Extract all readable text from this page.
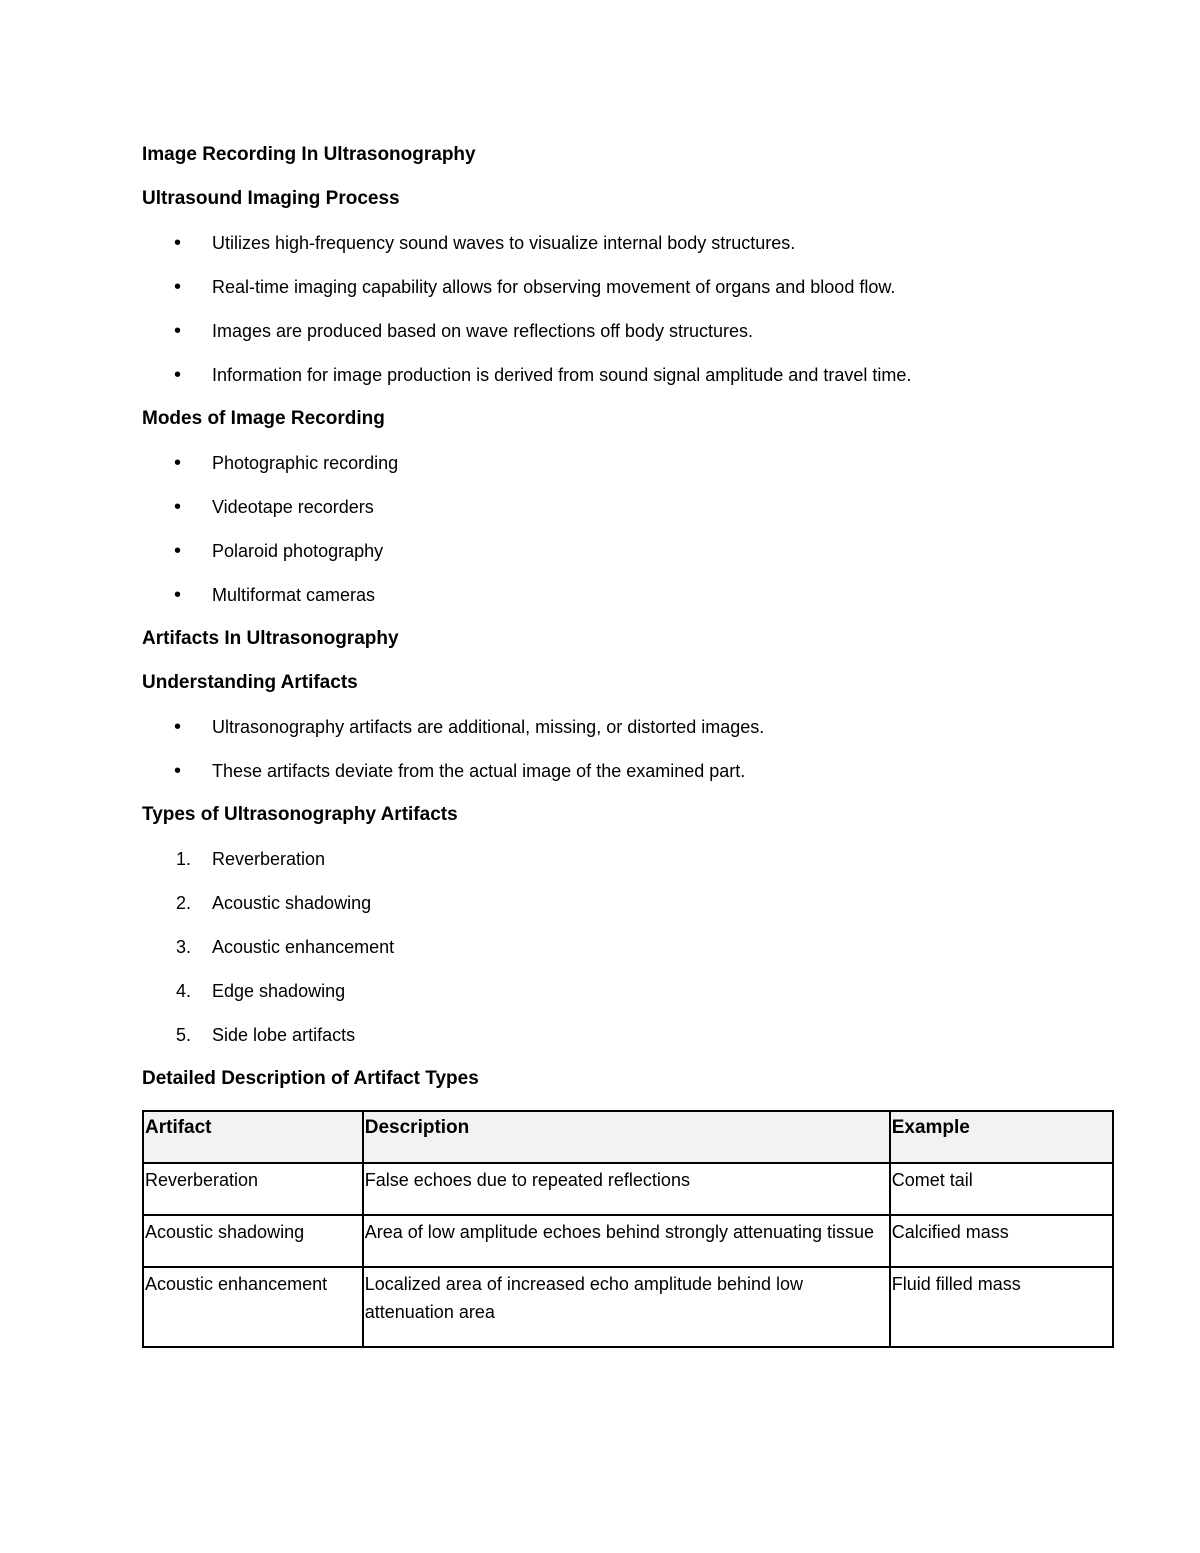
Image Recording In Ultrasonography
Ultrasound Imaging Process
• Utilizes high-frequency sound waves to visualize internal body structures.
• Real-time imaging capability allows for observing movement of organs and blood flow.
• Images are produced based on wave reflections off body structures.
• Information for image production is derived from sound signal amplitude and travel time.
Modes of Image Recording
• Photographic recording
• Videotape recorders
• Polaroid photography
• Multiformat cameras
Artifacts In Ultrasonography
Understanding Artifacts
• Ultrasonography artifacts are additional, missing, or distorted images.
• These artifacts deviate from the actual image of the examined part.
Types of Ultrasonography Artifacts
1. Reverberation
2. Acoustic shadowing
3. Acoustic enhancement
4. Edge shadowing
5. Side lobe artifacts
Detailed Description of Artifact Types
Artifact	Description	Example
Reverberation	False echoes due to repeated reflections	Comet tail
Acoustic shadowing	Area of low amplitude echoes behind strongly attenuating tissue	Calcified mass
Acoustic enhancement	Localized area of increased echo amplitude behind low attenuation area	Fluid filled mass
